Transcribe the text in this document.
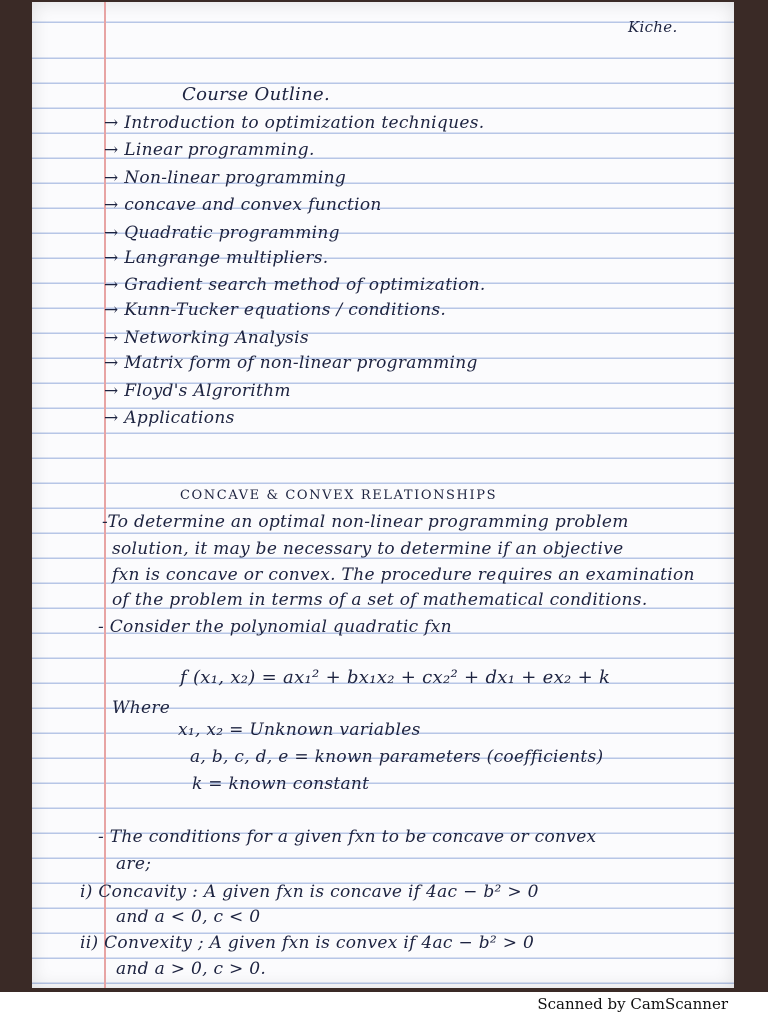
Kiche.
Course Outline.
→ Introduction to optimization techniques.
→ Linear programming.
→ Non-linear programming
→ concave and convex function
→ Quadratic programming
→ Langrange multipliers.
→ Gradient search method of optimization.
→ Kunn-Tucker equations / conditions.
→ Networking Analysis
→ Matrix form of non-linear programming
→ Floyd's Algrorithm
→ Applications
CONCAVE & CONVEX RELATIONSHIPS
-To determine an optimal non-linear programming problem
solution, it may be necessary to determine if an objective
fxn is concave or convex. The procedure requires an examination
of the problem in terms of a set of mathematical conditions.
- Consider the polynomial quadratic fxn
f (x₁, x₂) = ax₁² + bx₁x₂ + cx₂² + dx₁ + ex₂ + k
Where
x₁, x₂ = Unknown variables
a, b, c, d, e = known parameters (coefficients)
k = known constant
- The conditions for a given fxn to be concave or convex
are;
i) Concavity : A given fxn is concave if 4ac − b² > 0
and a < 0, c < 0
ii) Convexity ; A given fxn is convex if 4ac − b² > 0
and a > 0, c > 0.
Scanned by CamScanner
